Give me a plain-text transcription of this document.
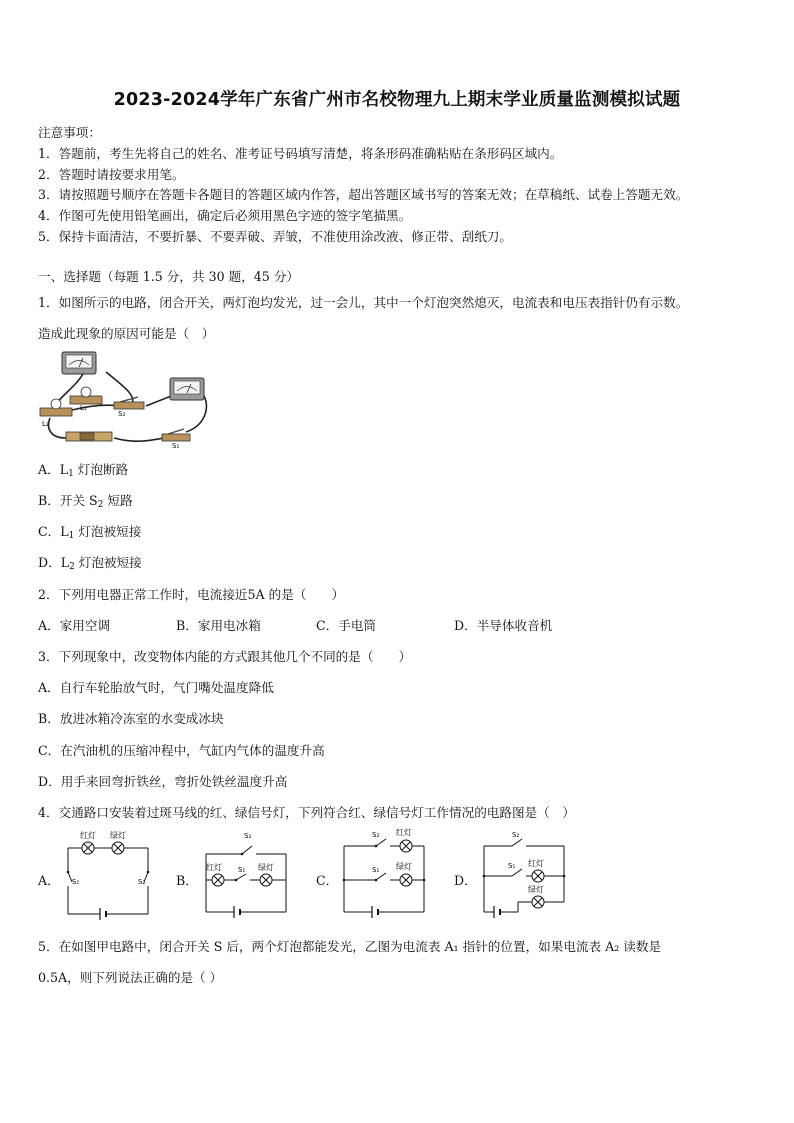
2023-2024学年广东省广州市名校物理九上期末学业质量监测模拟试题
注意事项：
1．答题前，考生先将自己的姓名、准考证号码填写清楚，将条形码准确粘贴在条形码区域内。
2．答题时请按要求用笔。
3．请按照题号顺序在答题卡各题目的答题区域内作答，超出答题区域书写的答案无效；在草稿纸、试卷上答题无效。
4．作图可先使用铅笔画出，确定后必须用黑色字迹的签字笔描黑。
5．保持卡面清洁，不要折暴、不要弄破、弄皱，不准使用涂改液、修正带、刮纸刀。
一、选择题（每题 1.5 分，共 30 题，45 分）
1．如图所示的电路，闭合开关，两灯泡均发光，过一会儿，其中一个灯泡突然熄灭，电流表和电压表指针仍有示数。
造成此现象的原因可能是（　）
L₁
L₂
S₂
S₁
A．$L_1$ 灯泡断路
B．开关 $S_2$ 短路
C．$L_1$ 灯泡被短接
D．$L_2$ 灯泡被短接
2．下列用电器正常工作时，电流接近5A 的是（　　）
A．家用空调	B．家用电冰箱	C．手电筒	D．半导体收音机
3．下列现象中，改变物体内能的方式跟其他几个不同的是（　　）
A．自行车轮胎放气时，气门嘴处温度降低
B．放进冰箱冷冻室的水变成冰块
C．在汽油机的压缩冲程中，气缸内气体的温度升高
D．用手来回弯折铁丝，弯折处铁丝温度升高
4．交通路口安装着过斑马线的红、绿信号灯，下列符合红、绿信号灯工作情况的电路图是（　）
A．	B．	C．	D．
红灯 绿灯
S₁	S₂
S₂
S₁
红灯	绿灯
S₂ 红灯
S₁ 绿灯
S₂
S₁ 红灯
绿灯
5．在如图甲电路中，闭合开关 S 后，两个灯泡都能发光，乙图为电流表 A₁ 指针的位置，如果电流表 A₂ 读数是
0.5A，则下列说法正确的是（ ）
